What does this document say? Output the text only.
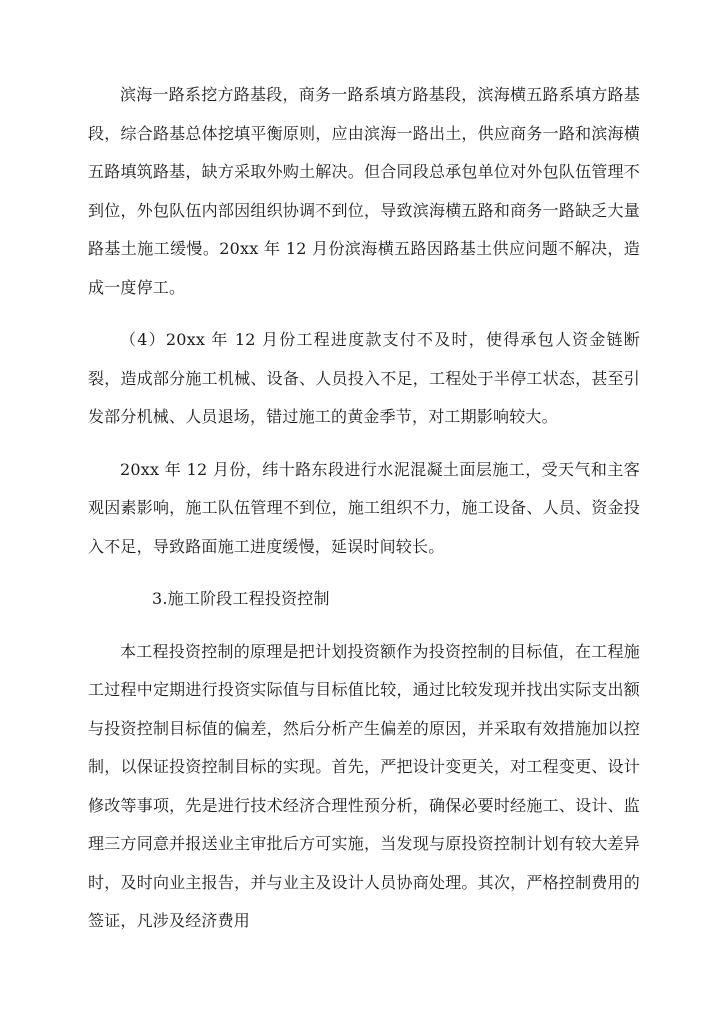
滨海一路系挖方路基段，商务一路系填方路基段，滨海横五路系填方路基段，综合路基总体挖填平衡原则，应由滨海一路出土，供应商务一路和滨海横五路填筑路基，缺方采取外购土解决。但合同段总承包单位对外包队伍管理不到位，外包队伍内部因组织协调不到位，导致滨海横五路和商务一路缺乏大量路基土施工缓慢。20xx 年 12 月份滨海横五路因路基土供应问题不解决，造成一度停工。

（4）20xx 年 12 月份工程进度款支付不及时，使得承包人资金链断裂，造成部分施工机械、设备、人员投入不足，工程处于半停工状态，甚至引发部分机械、人员退场，错过施工的黄金季节，对工期影响较大。

20xx 年 12 月份，纬十路东段进行水泥混凝土面层施工，受天气和主客观因素影响，施工队伍管理不到位，施工组织不力，施工设备、人员、资金投入不足，导致路面施工进度缓慢，延误时间较长。

3.施工阶段工程投资控制

本工程投资控制的原理是把计划投资额作为投资控制的目标值，在工程施工过程中定期进行投资实际值与目标值比较，通过比较发现并找出实际支出额与投资控制目标值的偏差，然后分析产生偏差的原因，并采取有效措施加以控制，以保证投资控制目标的实现。首先，严把设计变更关，对工程变更、设计修改等事项，先是进行技术经济合理性预分析，确保必要时经施工、设计、监理三方同意并报送业主审批后方可实施，当发现与原投资控制计划有较大差异时，及时向业主报告，并与业主及设计人员协商处理。其次，严格控制费用的签证，凡涉及经济费用
